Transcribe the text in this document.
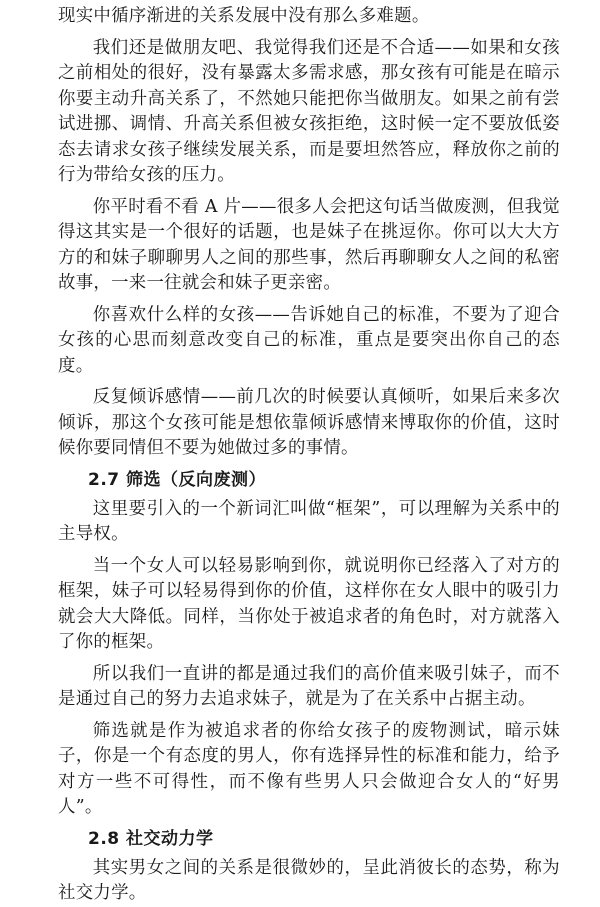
现实中循序渐进的关系发展中没有那么多难题。

我们还是做朋友吧、我觉得我们还是不合适——如果和女孩之前相处的很好，没有暴露太多需求感，那女孩有可能是在暗示你要主动升高关系了，不然她只能把你当做朋友。如果之前有尝试进挪、调情、升高关系但被女孩拒绝，这时候一定不要放低姿态去请求女孩子继续发展关系，而是要坦然答应，释放你之前的行为带给女孩的压力。

你平时看不看 A 片——很多人会把这句话当做废测，但我觉得这其实是一个很好的话题，也是妹子在挑逗你。你可以大大方方的和妹子聊聊男人之间的那些事，然后再聊聊女人之间的私密故事，一来一往就会和妹子更亲密。

你喜欢什么样的女孩——告诉她自己的标准，不要为了迎合女孩的心思而刻意改变自己的标准，重点是要突出你自己的态度。

反复倾诉感情——前几次的时候要认真倾听，如果后来多次倾诉，那这个女孩可能是想依靠倾诉感情来博取你的价值，这时候你要同情但不要为她做过多的事情。

2.7 筛选（反向废测）

这里要引入的一个新词汇叫做“框架”，可以理解为关系中的主导权。

当一个女人可以轻易影响到你，就说明你已经落入了对方的框架，妹子可以轻易得到你的价值，这样你在女人眼中的吸引力就会大大降低。同样，当你处于被追求者的角色时，对方就落入了你的框架。

所以我们一直讲的都是通过我们的高价值来吸引妹子，而不是通过自己的努力去追求妹子，就是为了在关系中占据主动。

筛选就是作为被追求者的你给女孩子的废物测试，暗示妹子，你是一个有态度的男人，你有选择异性的标准和能力，给予对方一些不可得性，而不像有些男人只会做迎合女人的“好男人”。

2.8 社交动力学

其实男女之间的关系是很微妙的，呈此消彼长的态势，称为社交力学。
